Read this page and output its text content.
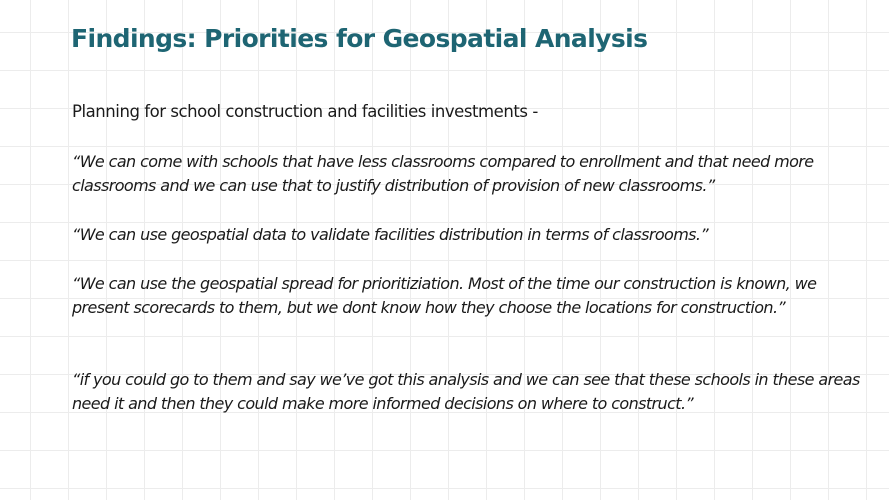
Findings: Priorities for Geospatial Analysis

Planning for school construction and facilities investments -

“We can come with schools that have less classrooms compared to enrollment and that need more classrooms and we can use that to justify distribution of provision of new classrooms.”

“We can use geospatial data to validate facilities distribution in terms of classrooms.”

“We can use the geospatial spread for prioritiziation. Most of the time our construction is known, we present scorecards to them, but we dont know how they choose the locations for construction.”

“if you could go to them and say we’ve got this analysis and we can see that these schools in these areas need it and then they could make more informed decisions on where to construct.”
